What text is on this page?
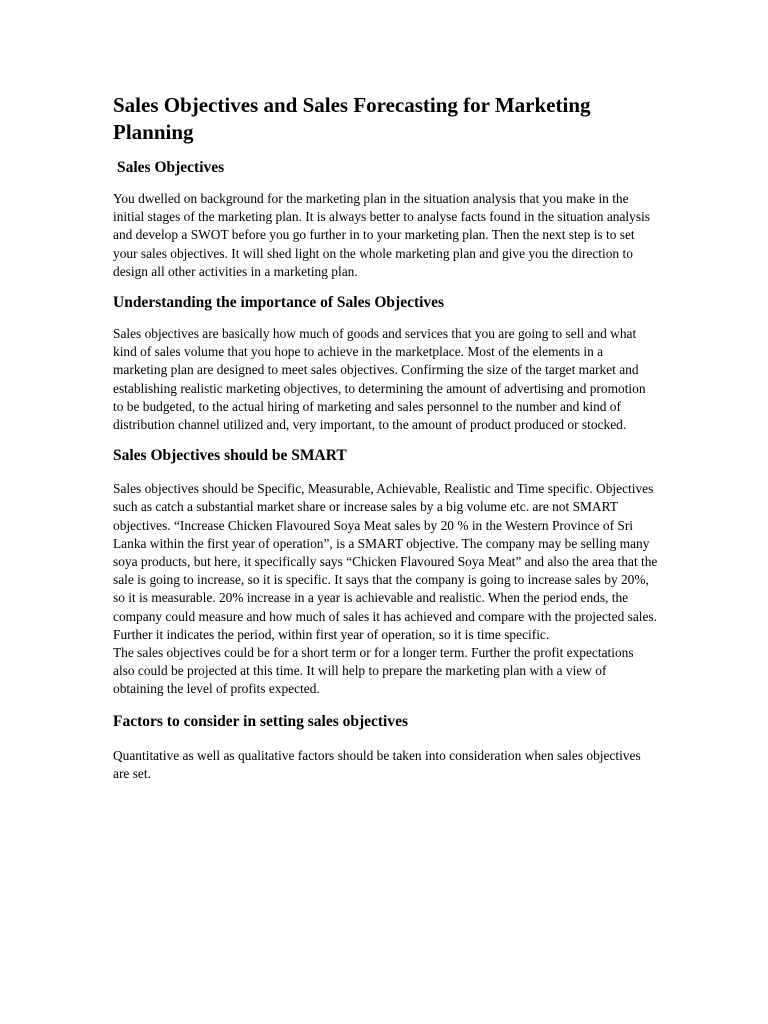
Sales Objectives and Sales Forecasting for Marketing Planning
Sales Objectives

You dwelled on background for the marketing plan in the situation analysis that you make in the initial stages of the marketing plan. It is always better to analyse facts found in the situation analysis and develop a SWOT before you go further in to your marketing plan. Then the next step is to set your sales objectives. It will shed light on the whole marketing plan and give you the direction to design all other activities in a marketing plan.

Understanding the importance of Sales Objectives

Sales objectives are basically how much of goods and services that you are going to sell and what kind of sales volume that you hope to achieve in the marketplace. Most of the elements in a marketing plan are designed to meet sales objectives. Confirming the size of the target market and establishing realistic marketing objectives, to determining the amount of advertising and promotion to be budgeted, to the actual hiring of marketing and sales personnel to the number and kind of distribution channel utilized and, very important, to the amount of product produced or stocked.

Sales Objectives should be SMART

Sales objectives should be Specific, Measurable, Achievable, Realistic and Time specific. Objectives such as catch a substantial market share or increase sales by a big volume etc. are not SMART objectives. “Increase Chicken Flavoured Soya Meat sales by 20 % in the Western Province of Sri Lanka within the first year of operation”, is a SMART objective. The company may be selling many soya products, but here, it specifically says “Chicken Flavoured Soya Meat” and also the area that the sale is going to increase, so it is specific. It says that the company is going to increase sales by 20%, so it is measurable. 20% increase in a year is achievable and realistic. When the period ends, the company could measure and how much of sales it has achieved and compare with the projected sales.

Further it indicates the period, within first year of operation, so it is time specific.

The sales objectives could be for a short term or for a longer term. Further the profit expectations also could be projected at this time. It will help to prepare the marketing plan with a view of obtaining the level of profits expected.

Factors to consider in setting sales objectives

Quantitative as well as qualitative factors should be taken into consideration when sales objectives are set.
